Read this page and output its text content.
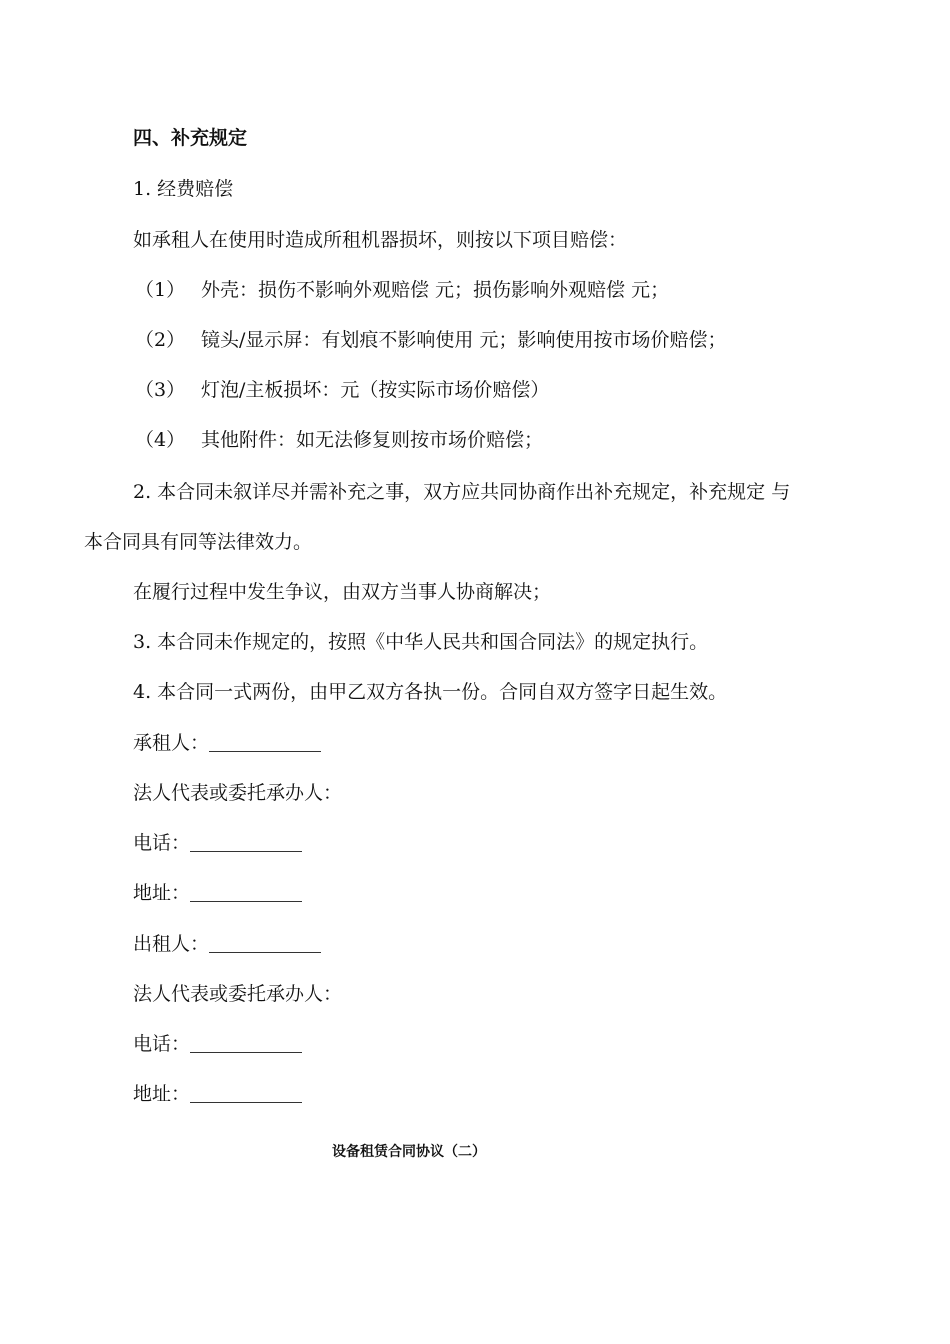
四、补充规定
1. 经费赔偿
如承租人在使用时造成所租机器损坏，则按以下项目赔偿：
（1） 外壳：损伤不影响外观赔偿 元；损伤影响外观赔偿 元；
（2） 镜头/显示屏：有划痕不影响使用 元；影响使用按市场价赔偿；
（3） 灯泡/主板损坏：元（按实际市场价赔偿）
（4） 其他附件：如无法修复则按市场价赔偿；
2. 本合同未叙详尽并需补充之事，双方应共同协商作出补充规定，补充规定 与
本合同具有同等法律效力。
在履行过程中发生争议，由双方当事人协商解决；
3. 本合同未作规定的，按照《中华人民共和国合同法》的规定执行。
4. 本合同一式两份，由甲乙双方各执一份。合同自双方签字日起生效。
承租人：
法人代表或委托承办人：
电话：
地址：
出租人：
法人代表或委托承办人：
电话：
地址：
设备租赁合同协议（二）
